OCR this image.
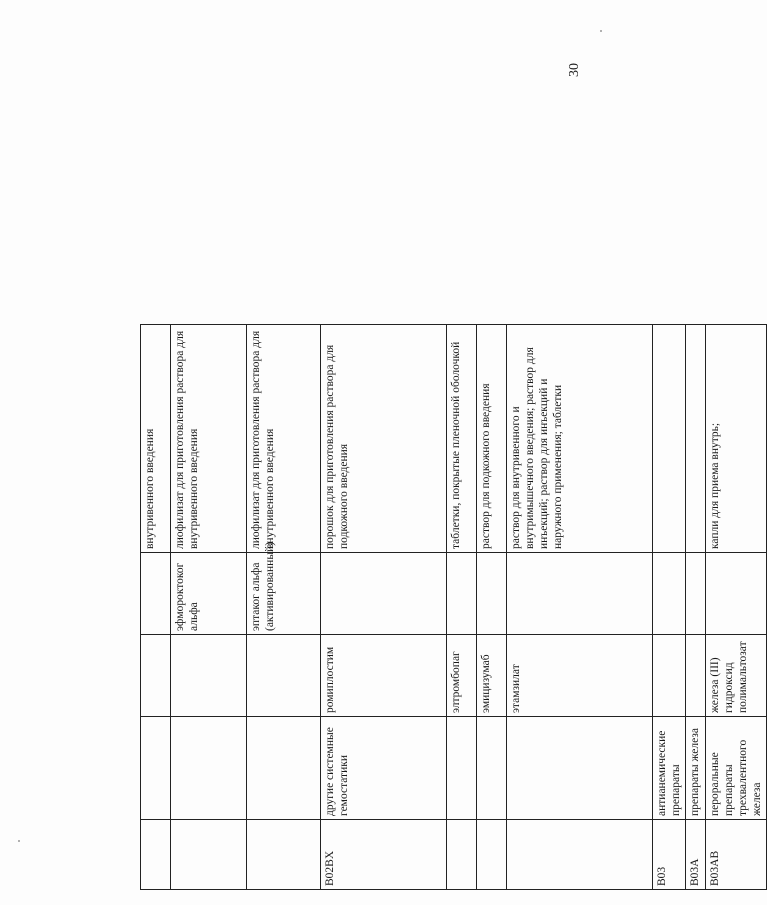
30
				внутривенного введения
			эфмороктоког альфа	лиофилизат для приготовления раствора для внутривенного введения
			эптаког альфа (активированный)	лиофилизат для приготовления раствора для внутривенного введения
B02BX	другие системные гемостатики	ромиплостим		порошок для приготовления раствора для подкожного введения
		элтромбопаг		таблетки, покрытые пленочной оболочкой
		эмицизумаб		раствор для подкожного введения
		этамзилат		раствор для внутривенного и внутримышечного введения; раствор для инъекций; раствор для инъекций и наружного применения; таблетки
B03	антианемические препараты			
B03A	препараты железа			
B03AB	пероральные препараты трехвалентного железа	железа (III) гидроксид полимальтозат		капли для приема внутрь;
